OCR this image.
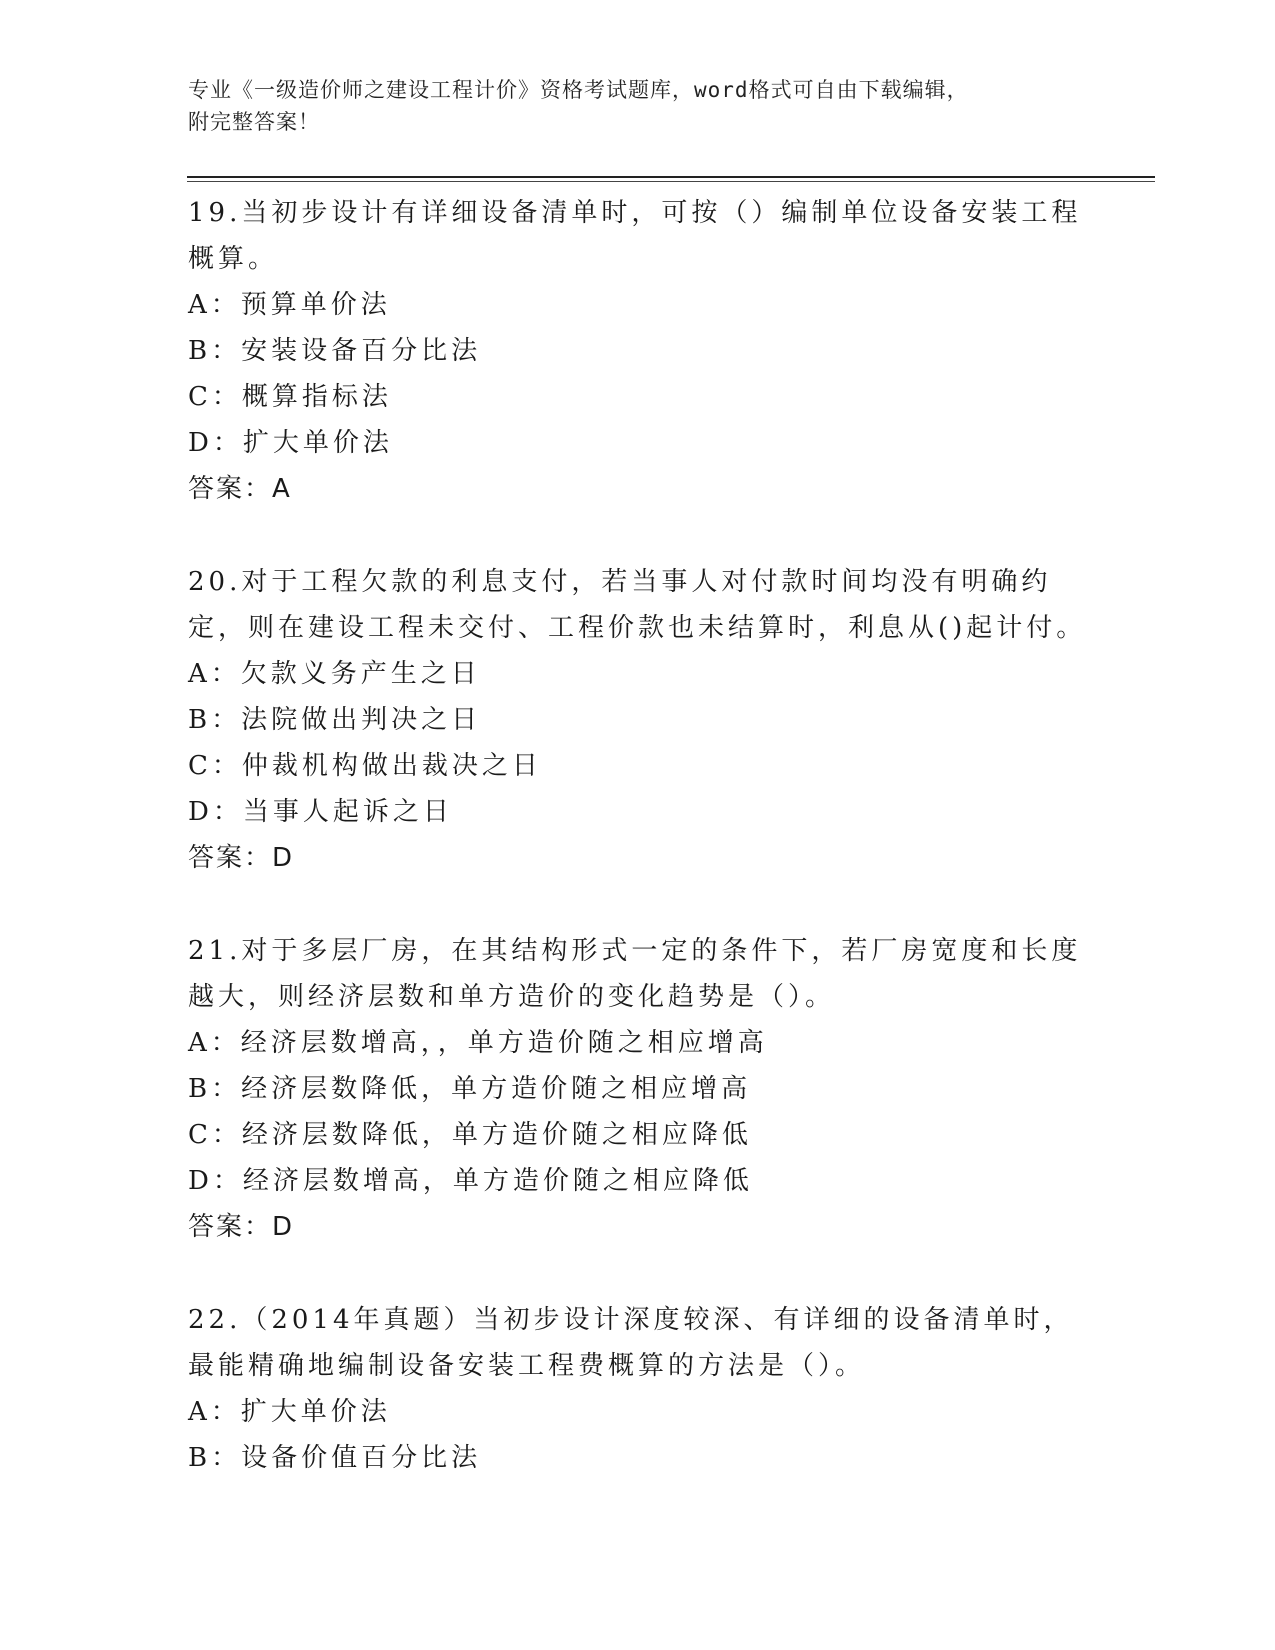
专业《一级造价师之建设工程计价》资格考试题库，word格式可自由下载编辑，
附完整答案！
19.当初步设计有详细设备清单时，可按（）编制单位设备安装工程概算。
A：预算单价法
B：安装设备百分比法
C：概算指标法
D：扩大单价法
答案：A
20.对于工程欠款的利息支付，若当事人对付款时间均没有明确约定，则在建设工程未交付、工程价款也未结算时，利息从()起计付。
A：欠款义务产生之日
B：法院做出判决之日
C：仲裁机构做出裁决之日
D：当事人起诉之日
答案：D
21.对于多层厂房，在其结构形式一定的条件下，若厂房宽度和长度越大，则经济层数和单方造价的变化趋势是（）。
A：经济层数增高，，单方造价随之相应增高
B：经济层数降低，单方造价随之相应增高
C：经济层数降低，单方造价随之相应降低
D：经济层数增高，单方造价随之相应降低
答案：D
22.（2014年真题）当初步设计深度较深、有详细的设备清单时，最能精确地编制设备安装工程费概算的方法是（）。
A：扩大单价法
B：设备价值百分比法
